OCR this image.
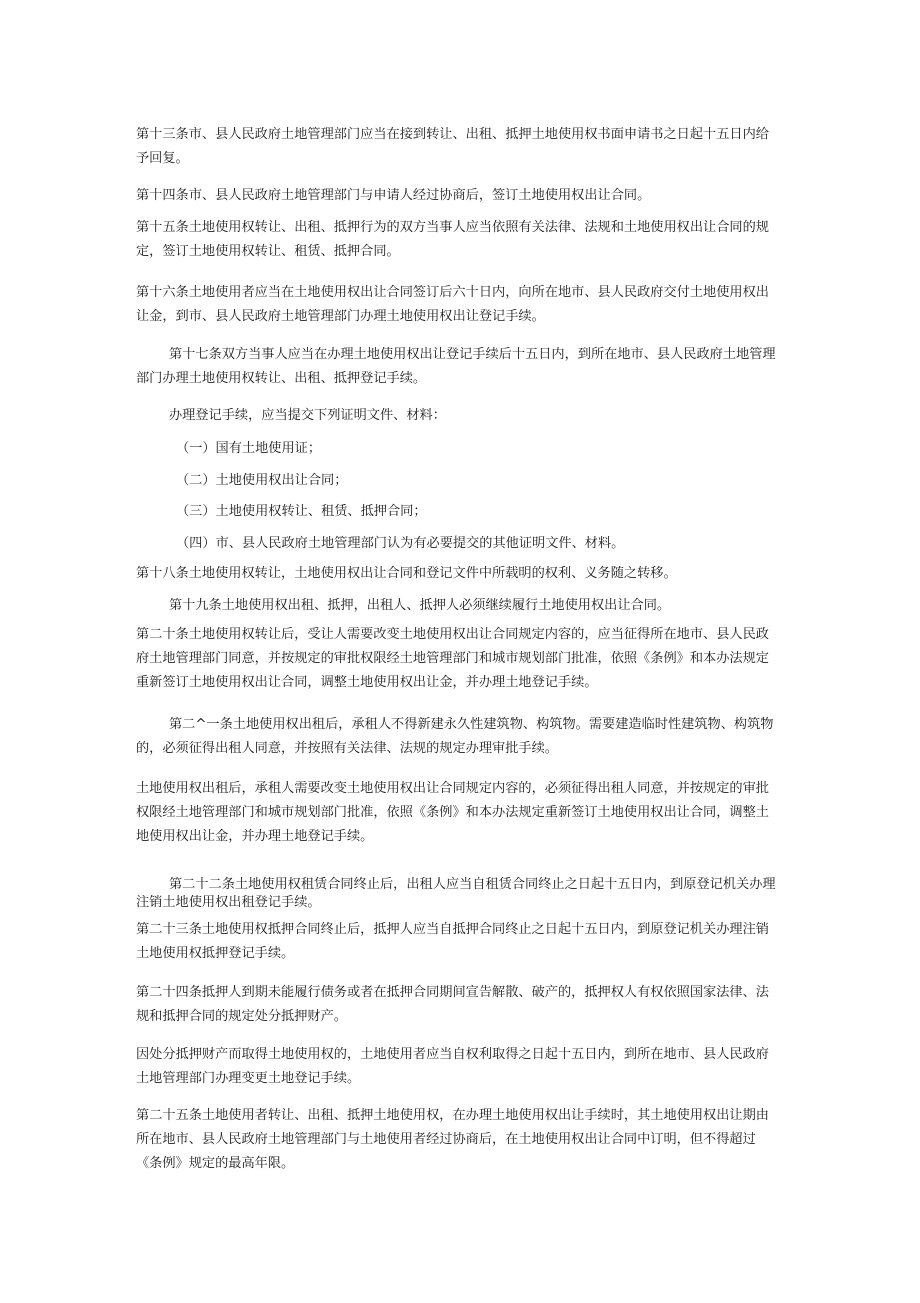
第十三条市、县人民政府土地管理部门应当在接到转让、出租、抵押土地使用权书面申请书之日起十五日内给予回复。

第十四条市、县人民政府土地管理部门与申请人经过协商后，签订土地使用权出让合同。

第十五条土地使用权转让、出租、抵押行为的双方当事人应当依照有关法律、法规和土地使用权出让合同的规定，签订土地使用权转让、租赁、抵押合同。

第十六条土地使用者应当在土地使用权出让合同签订后六十日内，向所在地市、县人民政府交付土地使用权出让金，到市、县人民政府土地管理部门办理土地使用权出让登记手续。

第十七条双方当事人应当在办理土地使用权出让登记手续后十五日内，到所在地市、县人民政府土地管理部门办理土地使用权转让、出租、抵押登记手续。

办理登记手续，应当提交下列证明文件、材料：

（一）国有土地使用证；

（二）土地使用权出让合同；

（三）土地使用权转让、租赁、抵押合同；

（四）市、县人民政府土地管理部门认为有必要提交的其他证明文件、材料。

第十八条土地使用权转让，土地使用权出让合同和登记文件中所载明的权利、义务随之转移。

第十九条土地使用权出租、抵押，出租人、抵押人必须继续履行土地使用权出让合同。

第二十条土地使用权转让后，受让人需要改变土地使用权出让合同规定内容的，应当征得所在地市、县人民政府土地管理部门同意，并按规定的审批权限经土地管理部门和城市规划部门批准，依照《条例》和本办法规定重新签订土地使用权出让合同，调整土地使用权出让金，并办理土地登记手续。

第二^一条土地使用权出租后，承租人不得新建永久性建筑物、构筑物。需要建造临时性建筑物、构筑物的，必须征得出租人同意，并按照有关法律、法规的规定办理审批手续。

土地使用权出租后，承租人需要改变土地使用权出让合同规定内容的，必须征得出租人同意，并按规定的审批权限经土地管理部门和城市规划部门批准，依照《条例》和本办法规定重新签订土地使用权出让合同，调整土地使用权出让金，并办理土地登记手续。

第二十二条土地使用权租赁合同终止后，出租人应当自租赁合同终止之日起十五日内，到原登记机关办理注销土地使用权出租登记手续。

第二十三条土地使用权抵押合同终止后，抵押人应当自抵押合同终止之日起十五日内，到原登记机关办理注销土地使用权抵押登记手续。

第二十四条抵押人到期未能履行债务或者在抵押合同期间宣告解散、破产的，抵押权人有权依照国家法律、法规和抵押合同的规定处分抵押财产。

因处分抵押财产而取得土地使用权的，土地使用者应当自权利取得之日起十五日内，到所在地市、县人民政府土地管理部门办理变更土地登记手续。

第二十五条土地使用者转让、出租、抵押土地使用权，在办理土地使用权出让手续时，其土地使用权出让期由所在地市、县人民政府土地管理部门与土地使用者经过协商后，在土地使用权出让合同中订明，但不得超过《条例》规定的最高年限。
